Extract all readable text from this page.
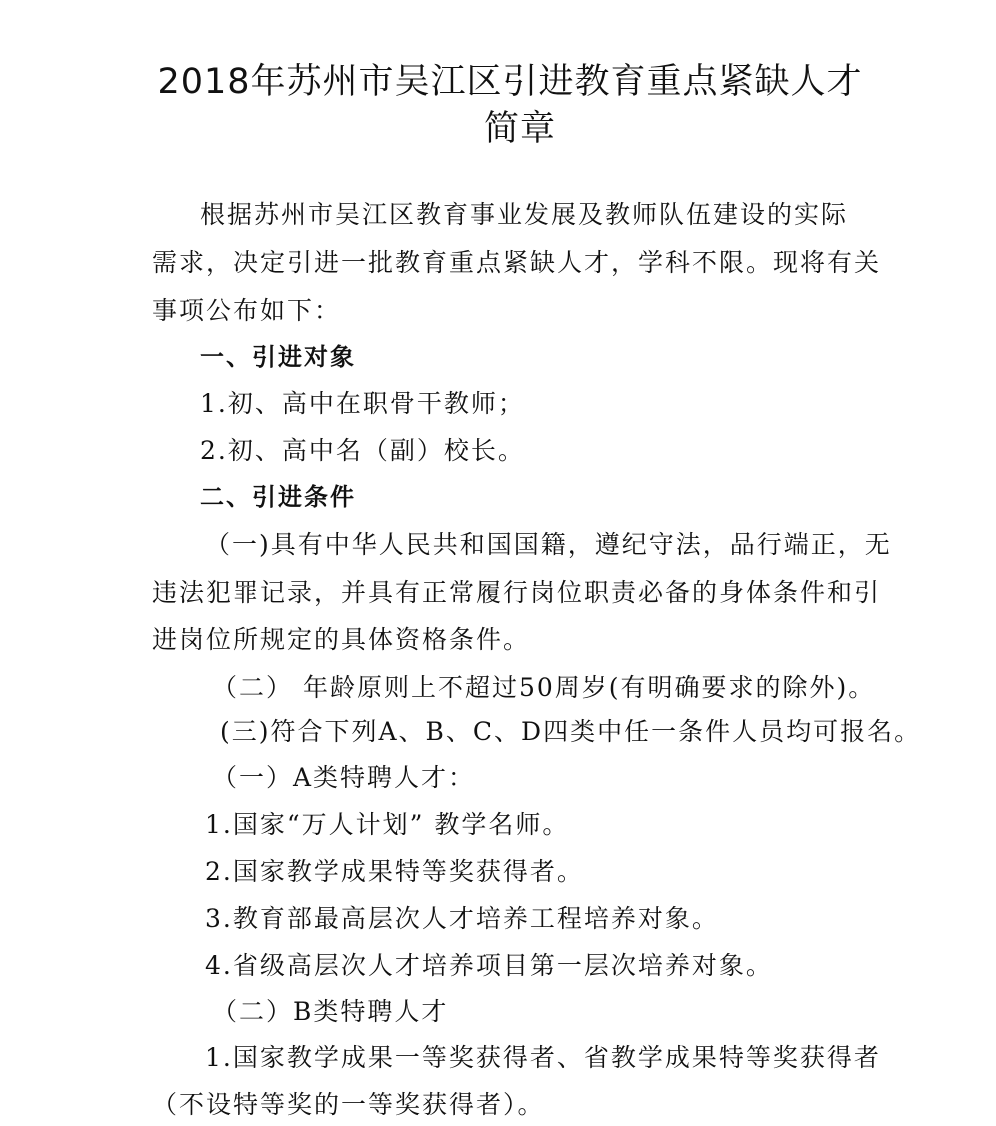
2018年苏州市吴江区引进教育重点紧缺人才
简章
根据苏州市吴江区教育事业发展及教师队伍建设的实际
需求，决定引进一批教育重点紧缺人才，学科不限。现将有关
事项公布如下：
一、引进对象
1.初、高中在职骨干教师；
2.初、高中名（副）校长。
二、引进条件
（一)具有中华人民共和国国籍，遵纪守法，品行端正，无
违法犯罪记录，并具有正常履行岗位职责必备的身体条件和引
进岗位所规定的具体资格条件。
（二） 年龄原则上不超过50周岁(有明确要求的除外)。
(三)符合下列A、B、C、D四类中任一条件人员均可报名。
（一）A类特聘人才：
1.国家“万人计划” 教学名师。
2.国家教学成果特等奖获得者。
3.教育部最高层次人才培养工程培养对象。
4.省级高层次人才培养项目第一层次培养对象。
（二）B类特聘人才
1.国家教学成果一等奖获得者、省教学成果特等奖获得者
（不设特等奖的一等奖获得者）。
